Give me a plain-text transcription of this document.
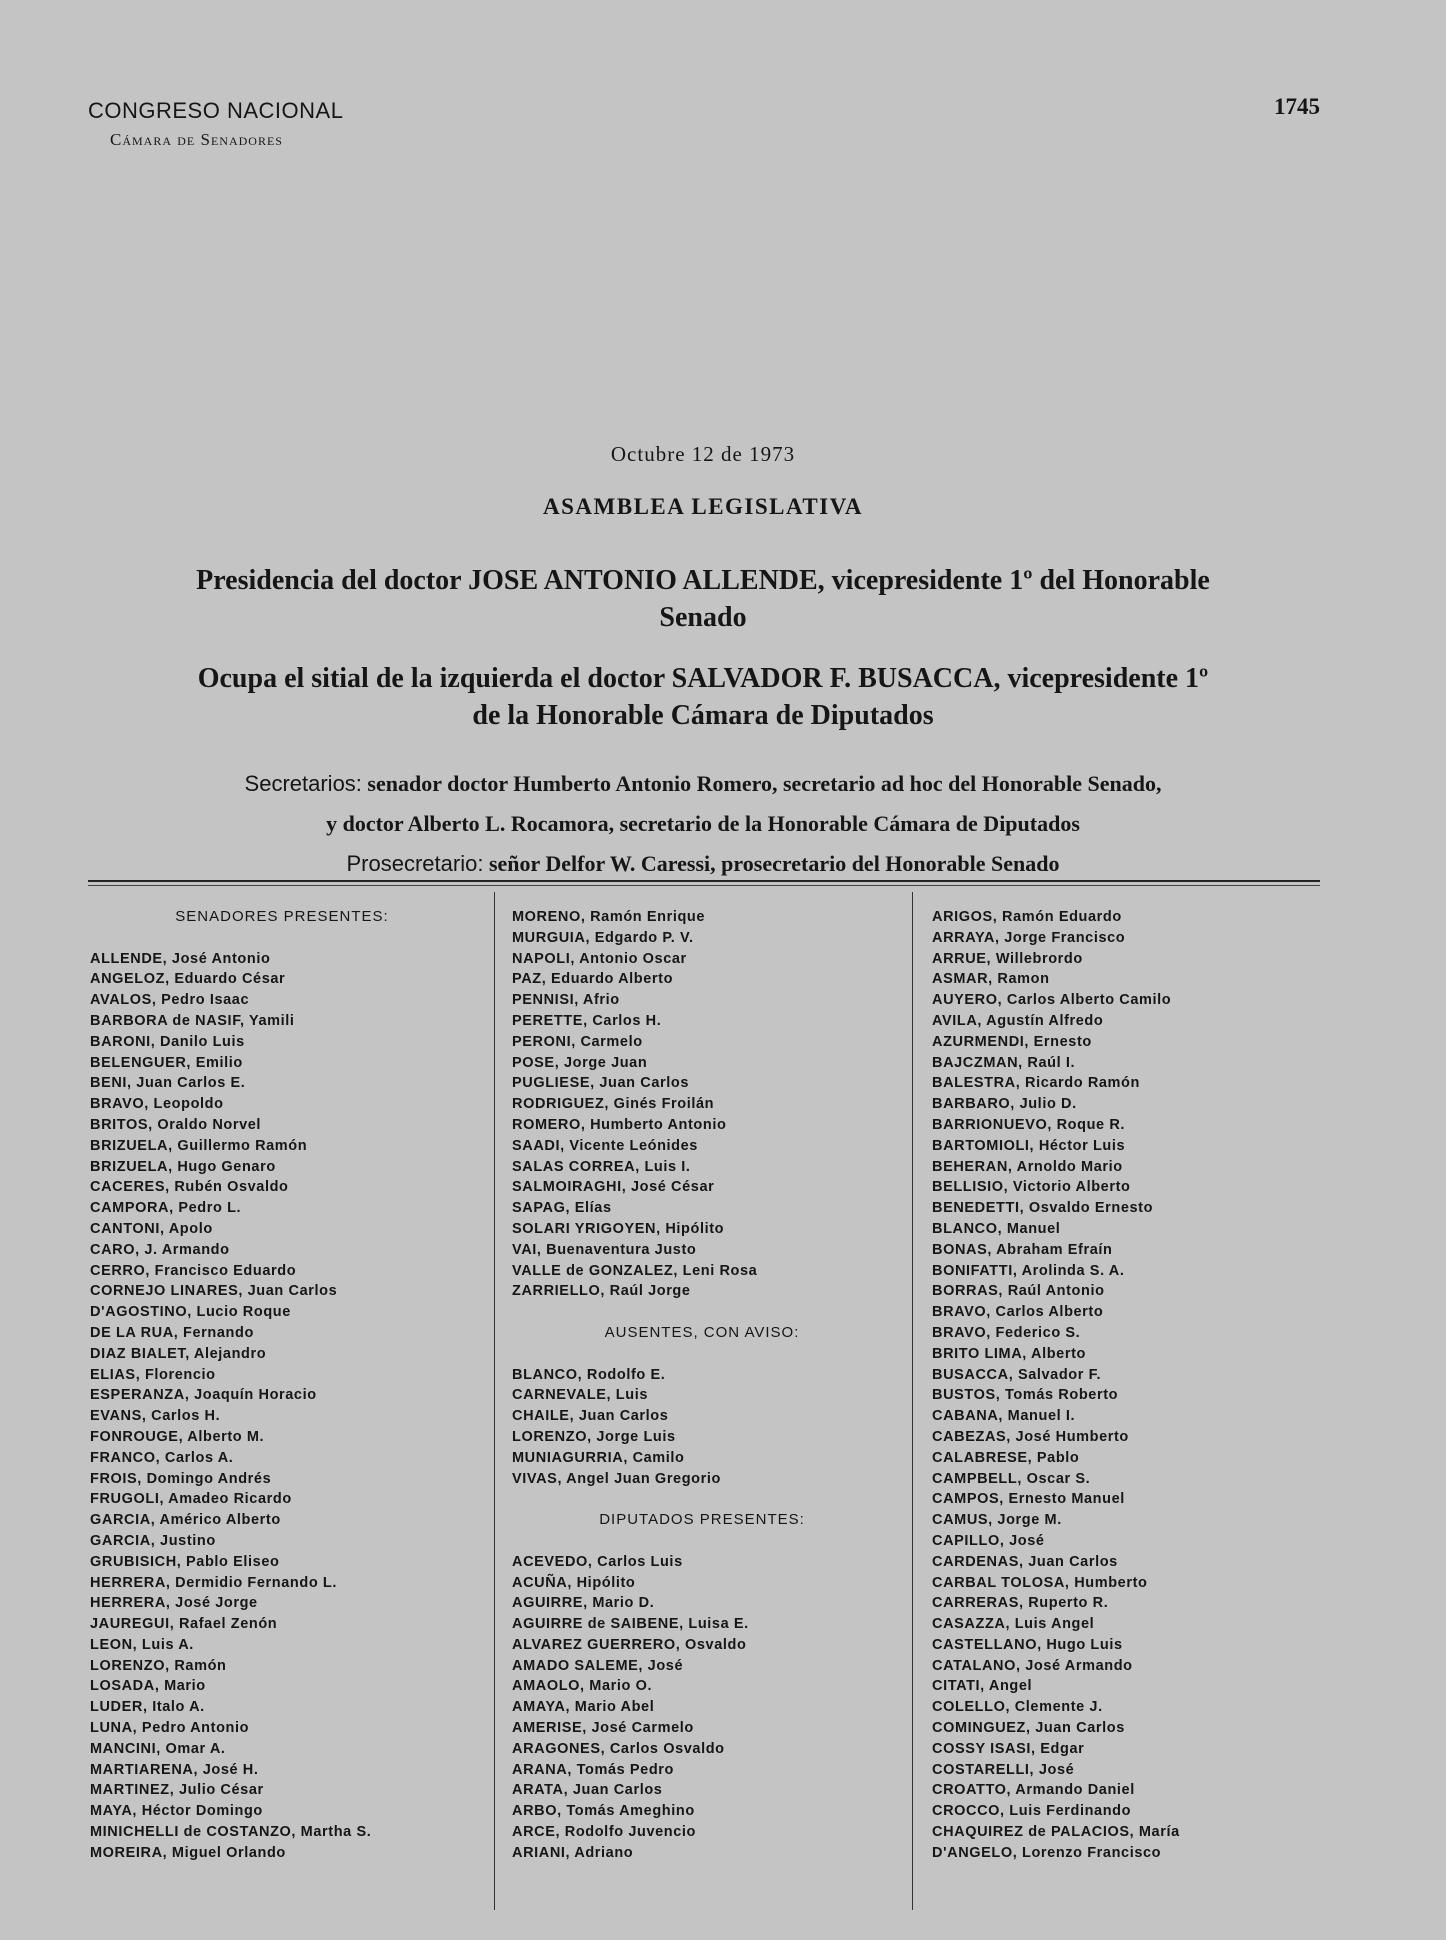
CONGRESO NACIONAL
Cámara de Senadores
1745
Octubre 12 de 1973
ASAMBLEA LEGISLATIVA
Presidencia del doctor JOSE ANTONIO ALLENDE, vicepresidente 1º del Honorable
Senado
Ocupa el sitial de la izquierda el doctor SALVADOR F. BUSACCA, vicepresidente 1º
de la Honorable Cámara de Diputados
Secretarios: senador doctor Humberto Antonio Romero, secretario ad hoc del Honorable Senado,
y doctor Alberto L. Rocamora, secretario de la Honorable Cámara de Diputados
Prosecretario: señor Delfor W. Caressi, prosecretario del Honorable Senado
SENADORES PRESENTES:
ALLENDE, José Antonio
ANGELOZ, Eduardo César
AVALOS, Pedro Isaac
BARBORA de NASIF, Yamili
BARONI, Danilo Luis
BELENGUER, Emilio
BENI, Juan Carlos E.
BRAVO, Leopoldo
BRITOS, Oraldo Norvel
BRIZUELA, Guillermo Ramón
BRIZUELA, Hugo Genaro
CACERES, Rubén Osvaldo
CAMPORA, Pedro L.
CANTONI, Apolo
CARO, J. Armando
CERRO, Francisco Eduardo
CORNEJO LINARES, Juan Carlos
D'AGOSTINO, Lucio Roque
DE LA RUA, Fernando
DIAZ BIALET, Alejandro
ELIAS, Florencio
ESPERANZA, Joaquín Horacio
EVANS, Carlos H.
FONROUGE, Alberto M.
FRANCO, Carlos A.
FROIS, Domingo Andrés
FRUGOLI, Amadeo Ricardo
GARCIA, Américo Alberto
GARCIA, Justino
GRUBISICH, Pablo Eliseo
HERRERA, Dermidio Fernando L.
HERRERA, José Jorge
JAUREGUI, Rafael Zenón
LEON, Luis A.
LORENZO, Ramón
LOSADA, Mario
LUDER, Italo A.
LUNA, Pedro Antonio
MANCINI, Omar A.
MARTIARENA, José H.
MARTINEZ, Julio César
MAYA, Héctor Domingo
MINICHELLI de COSTANZO, Martha S.
MOREIRA, Miguel Orlando
MORENO, Ramón Enrique
MURGUIA, Edgardo P. V.
NAPOLI, Antonio Oscar
PAZ, Eduardo Alberto
PENNISI, Afrio
PERETTE, Carlos H.
PERONI, Carmelo
POSE, Jorge Juan
PUGLIESE, Juan Carlos
RODRIGUEZ, Ginés Froilán
ROMERO, Humberto Antonio
SAADI, Vicente Leónides
SALAS CORREA, Luis I.
SALMOIRAGHI, José César
SAPAG, Elías
SOLARI YRIGOYEN, Hipólito
VAI, Buenaventura Justo
VALLE de GONZALEZ, Leni Rosa
ZARRIELLO, Raúl Jorge
AUSENTES, CON AVISO:
BLANCO, Rodolfo E.
CARNEVALE, Luis
CHAILE, Juan Carlos
LORENZO, Jorge Luis
MUNIAGURRIA, Camilo
VIVAS, Angel Juan Gregorio
DIPUTADOS PRESENTES:
ACEVEDO, Carlos Luis
ACUÑA, Hipólito
AGUIRRE, Mario D.
AGUIRRE de SAIBENE, Luisa E.
ALVAREZ GUERRERO, Osvaldo
AMADO SALEME, José
AMAOLO, Mario O.
AMAYA, Mario Abel
AMERISE, José Carmelo
ARAGONES, Carlos Osvaldo
ARANA, Tomás Pedro
ARATA, Juan Carlos
ARBO, Tomás Ameghino
ARCE, Rodolfo Juvencio
ARIANI, Adriano
ARIGOS, Ramón Eduardo
ARRAYA, Jorge Francisco
ARRUE, Willebrordo
ASMAR, Ramon
AUYERO, Carlos Alberto Camilo
AVILA, Agustín Alfredo
AZURMENDI, Ernesto
BAJCZMAN, Raúl I.
BALESTRA, Ricardo Ramón
BARBARO, Julio D.
BARRIONUEVO, Roque R.
BARTOMIOLI, Héctor Luis
BEHERAN, Arnoldo Mario
BELLISIO, Victorio Alberto
BENEDETTI, Osvaldo Ernesto
BLANCO, Manuel
BONAS, Abraham Efraín
BONIFATTI, Arolinda S. A.
BORRAS, Raúl Antonio
BRAVO, Carlos Alberto
BRAVO, Federico S.
BRITO LIMA, Alberto
BUSACCA, Salvador F.
BUSTOS, Tomás Roberto
CABANA, Manuel I.
CABEZAS, José Humberto
CALABRESE, Pablo
CAMPBELL, Oscar S.
CAMPOS, Ernesto Manuel
CAMUS, Jorge M.
CAPILLO, José
CARDENAS, Juan Carlos
CARBAL TOLOSA, Humberto
CARRERAS, Ruperto R.
CASAZZA, Luis Angel
CASTELLANO, Hugo Luis
CATALANO, José Armando
CITATI, Angel
COLELLO, Clemente J.
COMINGUEZ, Juan Carlos
COSSY ISASI, Edgar
COSTARELLI, José
CROATTO, Armando Daniel
CROCCO, Luis Ferdinando
CHAQUIREZ de PALACIOS, María
D'ANGELO, Lorenzo Francisco
